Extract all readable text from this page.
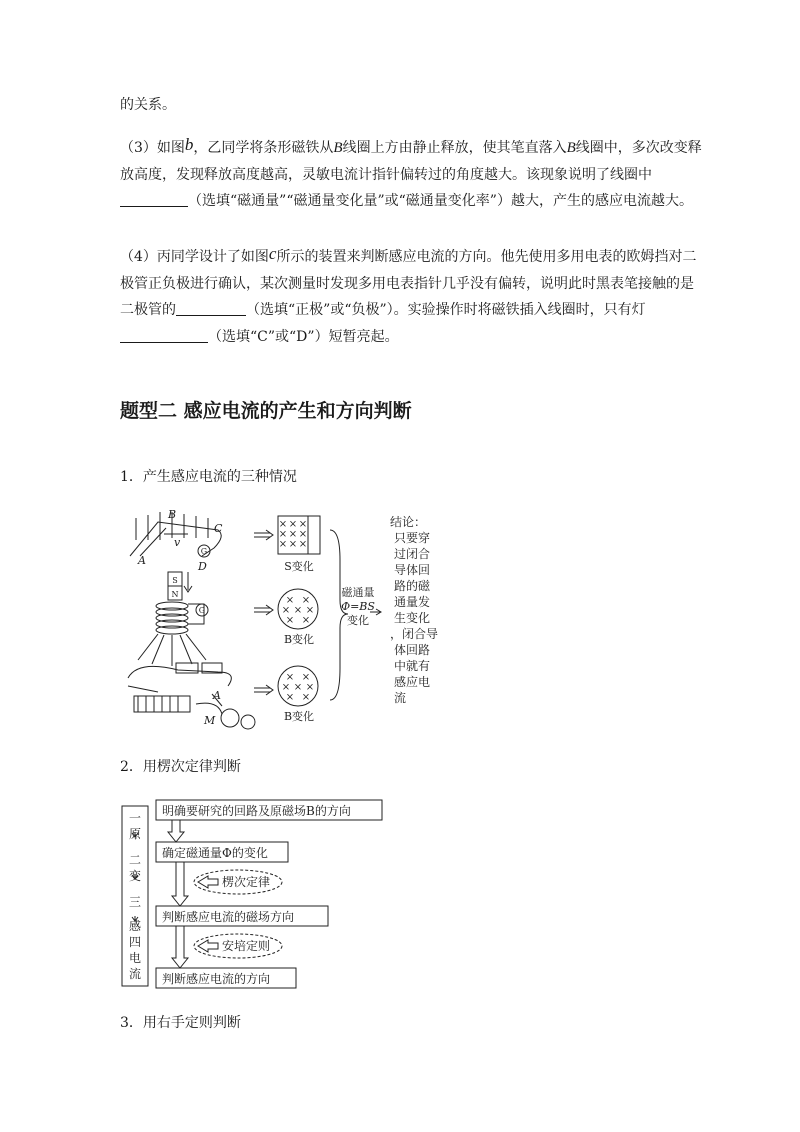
的关系。

（3）如图b，乙同学将条形磁铁从B线圈上方由静止释放，使其笔直落入B线圈中，多次改变释放高度，发现释放高度越高，灵敏电流计指针偏转过的角度越大。该现象说明了线圈中（选填“磁通量”“磁通量变化量”或“磁通量变化率”）越大，产生的感应电流越大。

（4）丙同学设计了如图c所示的装置来判断感应电流的方向。他先使用多用电表的欧姆挡对二极管正负极进行确认，某次测量时发现多用电表指针几乎没有偏转，说明此时黑表笔接触的是二极管的	（选填“正极”或“负极”）。实验操作时将磁铁插入线圈时，只有灯（选填“C”或“D”）短暂亮起。

题型二 感应电流的产生和方向判断

1．产生感应电流的三种情况

× × ×
× × ×
× × ×
× ×
× × ×
× ×
× ×
× × ×
× ×
B
v
C
A	D
A
M
G
G
S
N
S变化
B变化
B变化
磁通量
Φ=BS
变化
结论：
只要穿
过闭合
导体回
路的磁
通量发
生变化
，闭合导
体回路
中就有
感应电
流

2．用楞次定律判断

明确要研究的回路及原磁场B的方向
确定磁通量Φ的变化
判断感应电流的磁场方向
判断感应电流的方向
楞次定律
安培定则
一
原
二
变
三
感
四
电
流

3．用右手定则判断
